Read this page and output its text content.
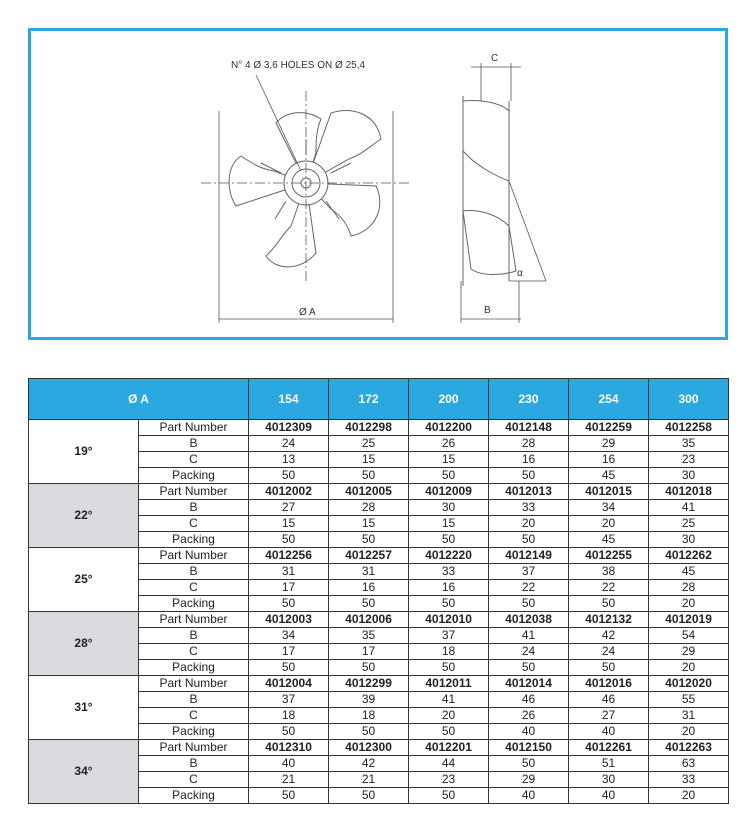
N° 4 Ø 3,6 HOLES ON Ø 25,4
Ø A
C
B
α
Ø A		154	172	200	230	254	300
19°	Part Number	4012309	4012298	4012200	4012148	4012259	4012258
	B	24	25	26	28	29	35
	C	13	15	15	16	16	23
	Packing	50	50	50	50	45	30
22°	Part Number	4012002	4012005	4012009	4012013	4012015	4012018
	B	27	28	30	33	34	41
	C	15	15	15	20	20	25
	Packing	50	50	50	50	45	30
25°	Part Number	4012256	4012257	4012220	4012149	4012255	4012262
	B	31	31	33	37	38	45
	C	17	16	16	22	22	28
	Packing	50	50	50	50	50	20
28°	Part Number	4012003	4012006	4012010	4012038	4012132	4012019
	B	34	35	37	41	42	54
	C	17	17	18	24	24	29
	Packing	50	50	50	50	50	20
31°	Part Number	4012004	4012299	4012011	4012014	4012016	4012020
	B	37	39	41	46	46	55
	C	18	18	20	26	27	31
	Packing	50	50	50	40	40	20
34°	Part Number	4012310	4012300	4012201	4012150	4012261	4012263
	B	40	42	44	50	51	63
	C	21	21	23	29	30	33
	Packing	50	50	50	40	40	20
